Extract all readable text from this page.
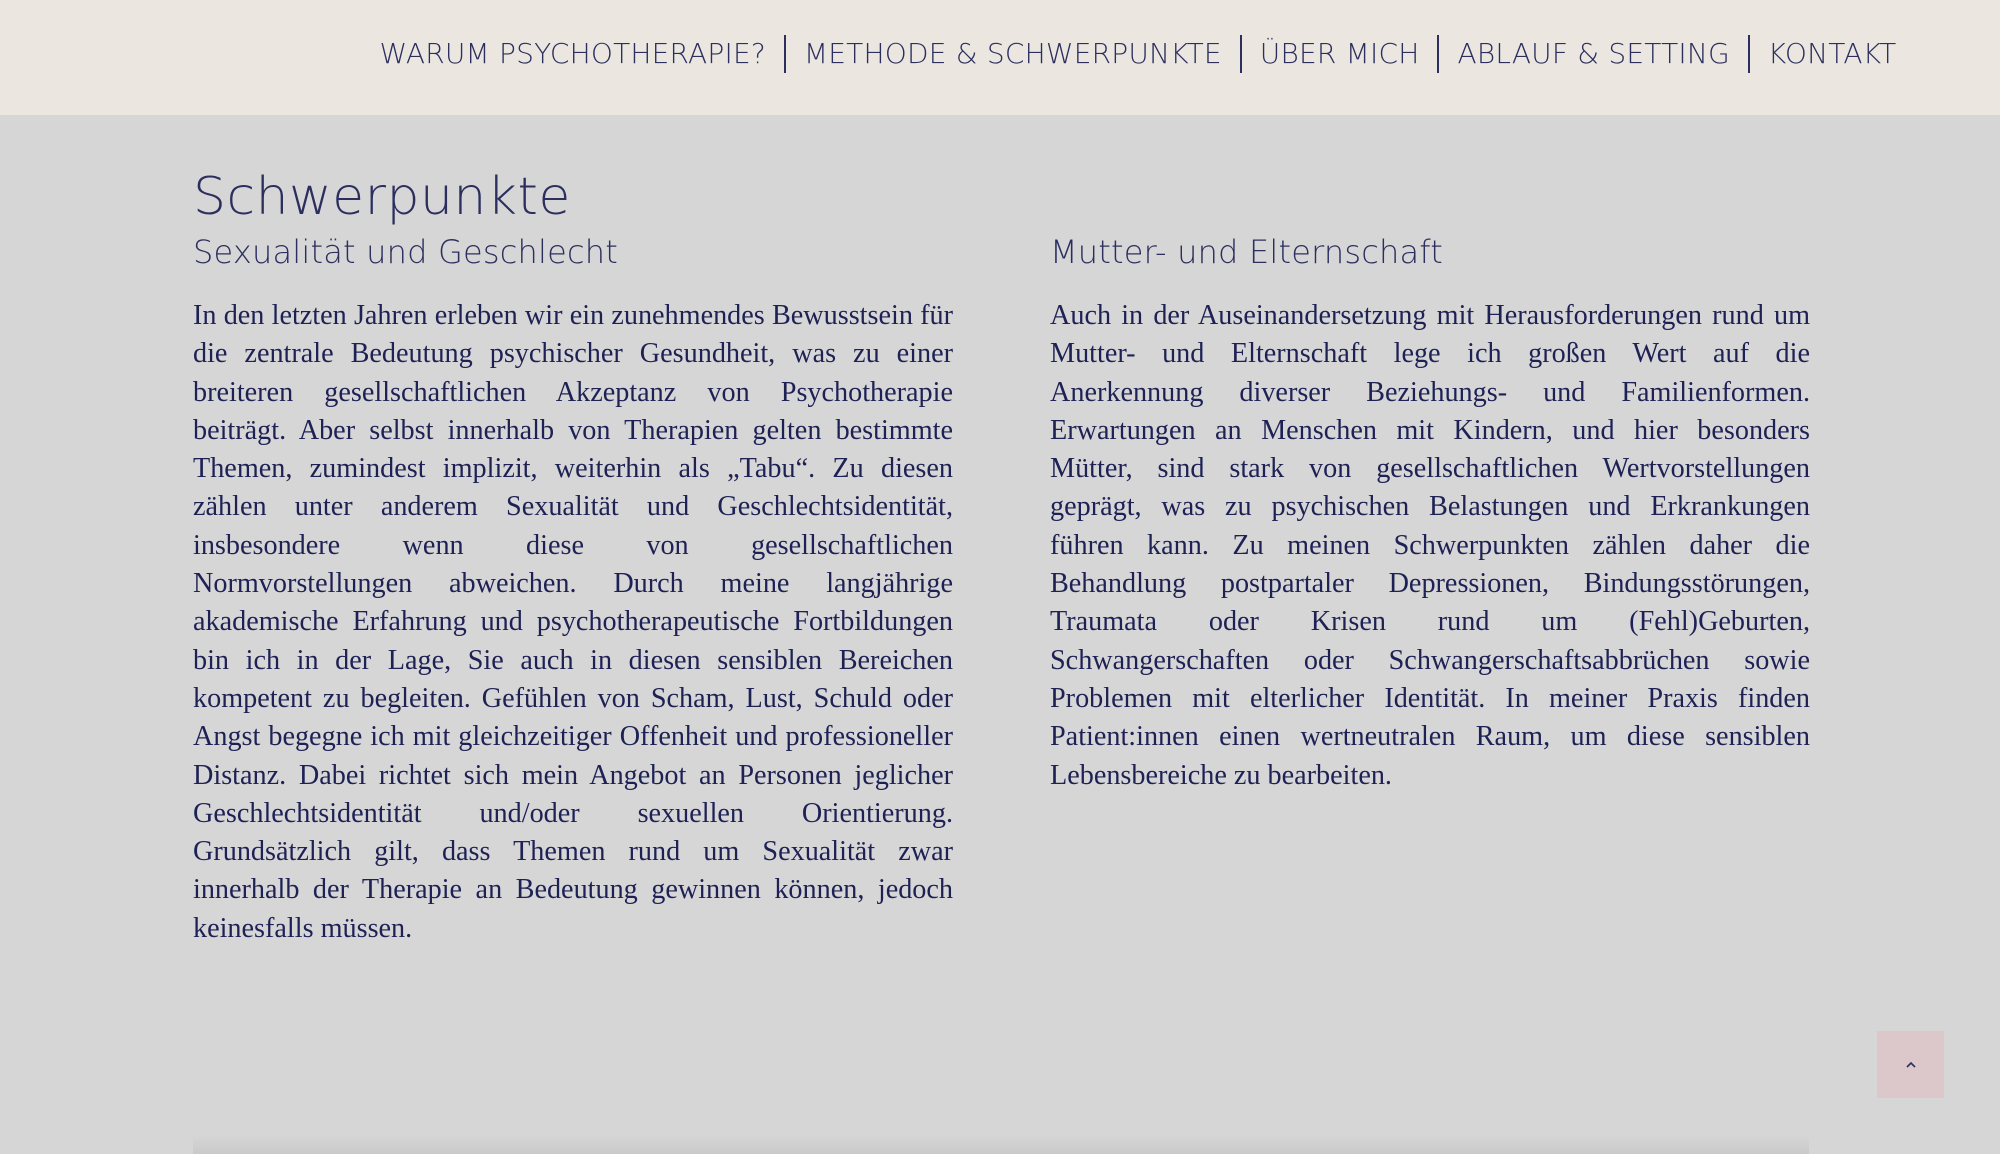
WARUM PSYCHOTHERAPIE?	METHODE & SCHWERPUNKTE	ÜBER MICH	ABLAUF & SETTING	KONTAKT
Schwerpunkte
Sexualität und Geschlecht

In den letzten Jahren erleben wir ein zunehmendes Bewusstsein für die zentrale Bedeutung psychischer Gesundheit, was zu einer breiteren gesellschaftlichen Akzeptanz von Psychotherapie beiträgt. Aber selbst innerhalb von Therapien gelten bestimmte Themen, zumindest implizit, weiterhin als „Tabu“. Zu diesen zählen unter anderem Sexualität und Geschlechtsidentität, insbesondere wenn diese von gesellschaftlichen Normvorstellungen abweichen. Durch meine langjährige akademische Erfahrung und psychotherapeutische Fortbildungen bin ich in der Lage, Sie auch in diesen sensiblen Bereichen kompetent zu begleiten. Gefühlen von Scham, Lust, Schuld oder Angst begegne ich mit gleichzeitiger Offenheit und professioneller Distanz. Dabei richtet sich mein Angebot an Personen jeglicher Geschlechtsidentität und/oder sexuellen Orientierung. Grundsätzlich gilt, dass Themen rund um Sexualität zwar innerhalb der Therapie an Bedeutung gewinnen können, jedoch keinesfalls müssen.

Mutter- und Elternschaft

Auch in der Auseinandersetzung mit Herausforderungen rund um Mutter- und Elternschaft lege ich großen Wert auf die Anerkennung diverser Beziehungs- und Familienformen. Erwartungen an Menschen mit Kindern, und hier besonders Mütter, sind stark von gesellschaftlichen Wertvorstellungen geprägt, was zu psychischen Belastungen und Erkrankungen führen kann. Zu meinen Schwerpunkten zählen daher die Behandlung postpartaler Depressionen, Bindungsstörungen, Traumata oder Krisen rund um (Fehl)Geburten, Schwangerschaften oder Schwangerschaftsabbrüchen sowie Problemen mit elterlicher Identität. In meiner Praxis finden Patient:innen einen wertneutralen Raum, um diese sensiblen Lebensbereiche zu bearbeiten.
